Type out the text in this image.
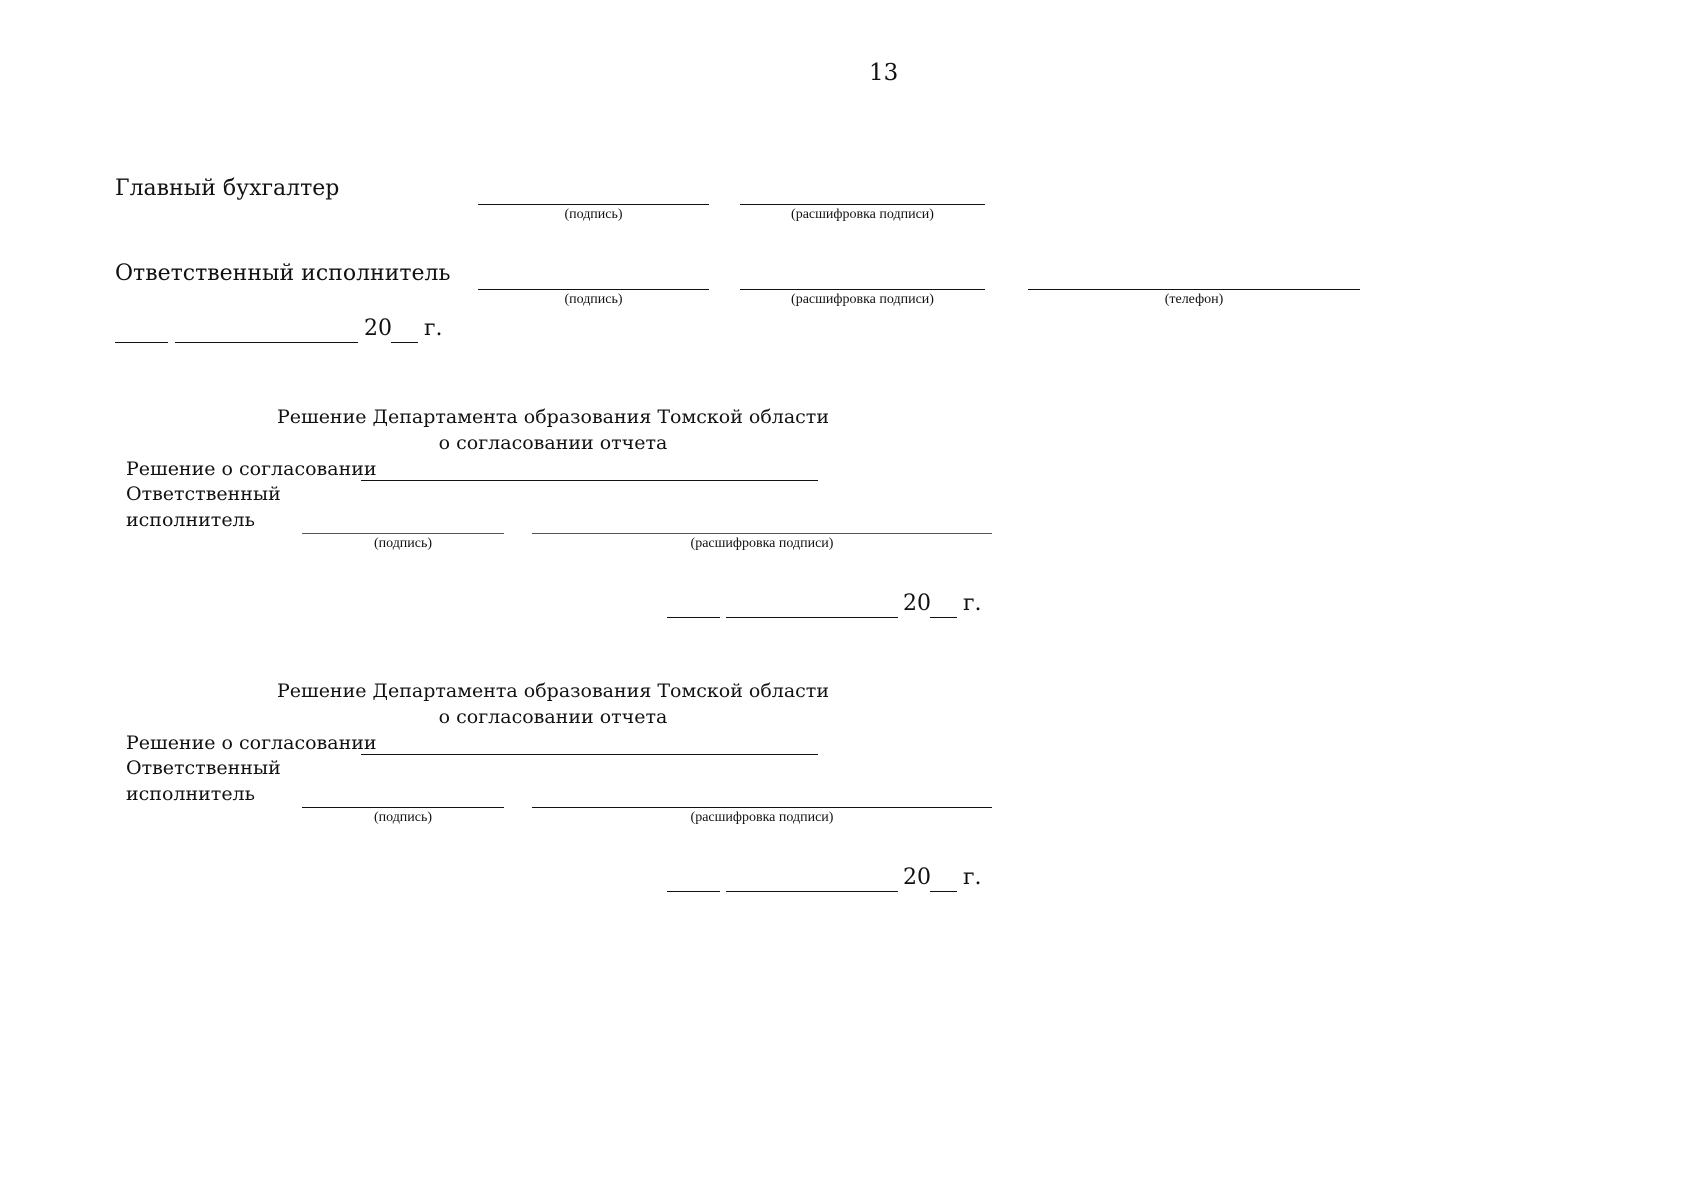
13
Главный бухгалтер
(подпись)	(расшифровка подписи)
Ответственный исполнитель
(подпись)	(расшифровка подписи)	(телефон)
20 г.
Решение Департамента образования Томской области
о согласовании отчета
Решение о согласовании
Ответственный
исполнитель
(подпись)	(расшифровка подписи)
20 г.
Решение Департамента образования Томской области
о согласовании отчета
Решение о согласовании
Ответственный
исполнитель
(подпись)	(расшифровка подписи)
20 г.
